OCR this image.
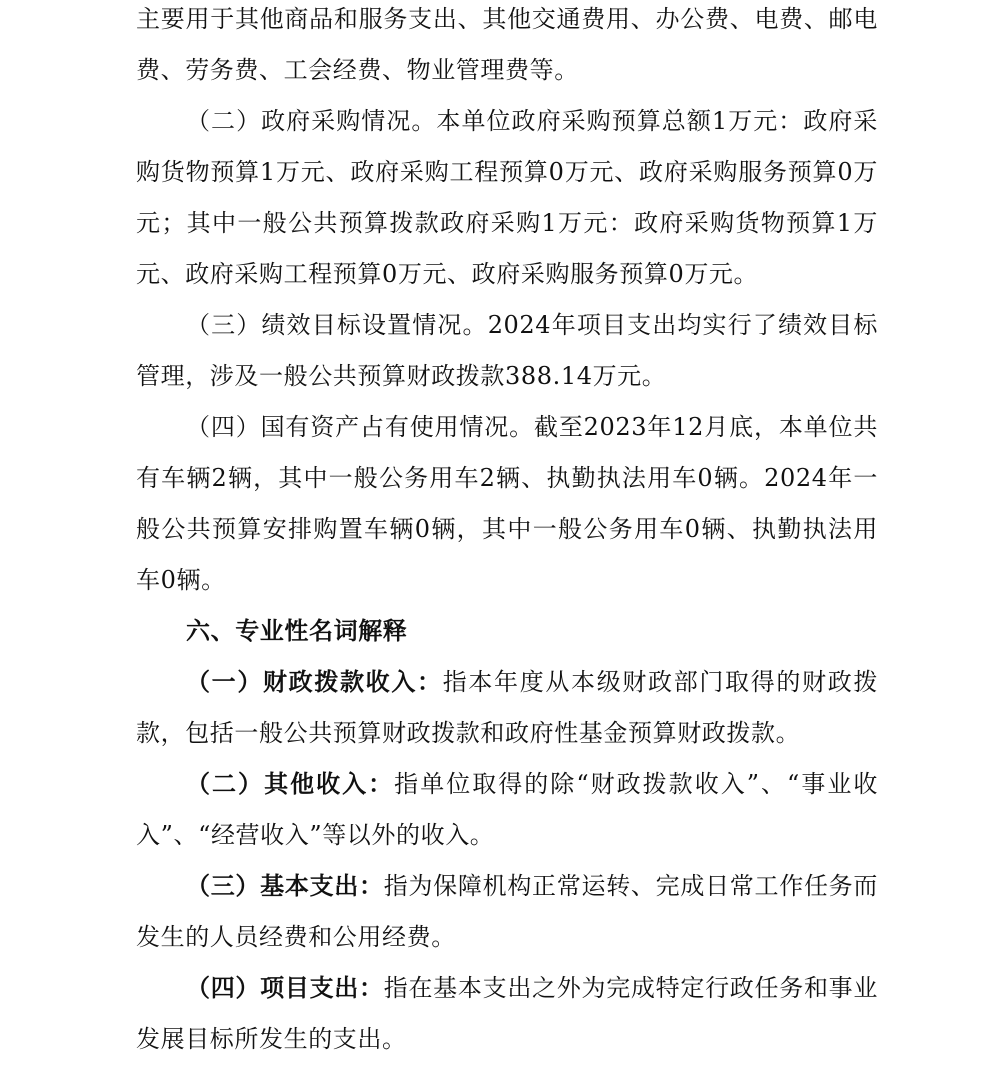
主要用于其他商品和服务支出、其他交通费用、办公费、电费、邮电费、劳务费、工会经费、物业管理费等。

（二）政府采购情况。本单位政府采购预算总额1万元：政府采购货物预算1万元、政府采购工程预算0万元、政府采购服务预算0万元；其中一般公共预算拨款政府采购1万元：政府采购货物预算1万元、政府采购工程预算0万元、政府采购服务预算0万元。

（三）绩效目标设置情况。2024年项目支出均实行了绩效目标管理，涉及一般公共预算财政拨款388.14万元。

（四）国有资产占有使用情况。截至2023年12月底，本单位共有车辆2辆，其中一般公务用车2辆、执勤执法用车0辆。2024年一般公共预算安排购置车辆0辆，其中一般公务用车0辆、执勤执法用车0辆。

六、专业性名词解释

（一）财政拨款收入：指本年度从本级财政部门取得的财政拨款，包括一般公共预算财政拨款和政府性基金预算财政拨款。

（二）其他收入：指单位取得的除“财政拨款收入”、“事业收入”、“经营收入”等以外的收入。

（三）基本支出：指为保障机构正常运转、完成日常工作任务而发生的人员经费和公用经费。

（四）项目支出：指在基本支出之外为完成特定行政任务和事业发展目标所发生的支出。
